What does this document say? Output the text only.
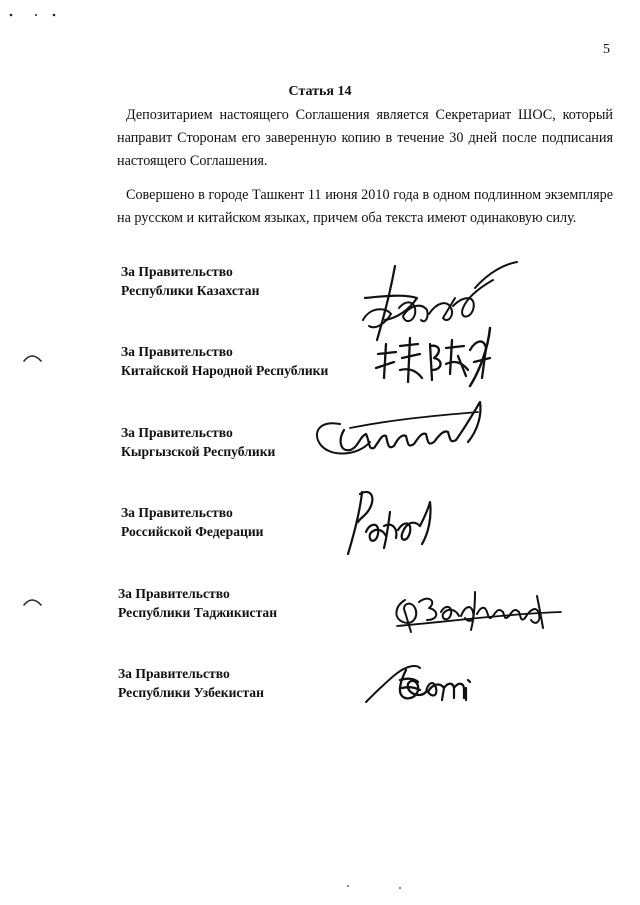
5
Статья 14

Депозитарием настоящего Соглашения является Секретариат ШОС, который направит Сторонам его заверенную копию в течение 30 дней после подписания настоящего Соглашения.

Совершено в городе Ташкент 11 июня 2010 года в одном подлинном экземпляре на русском и китайском языках, причем оба текста имеют одинаковую силу.

За Правительство
Республики Казахстан
За Правительство
Китайской Народной Республики
За Правительство
Кыргызской Республики
За Правительство
Российской Федерации
За Правительство
Республики Таджикистан
За Правительство
Республики Узбекистан
